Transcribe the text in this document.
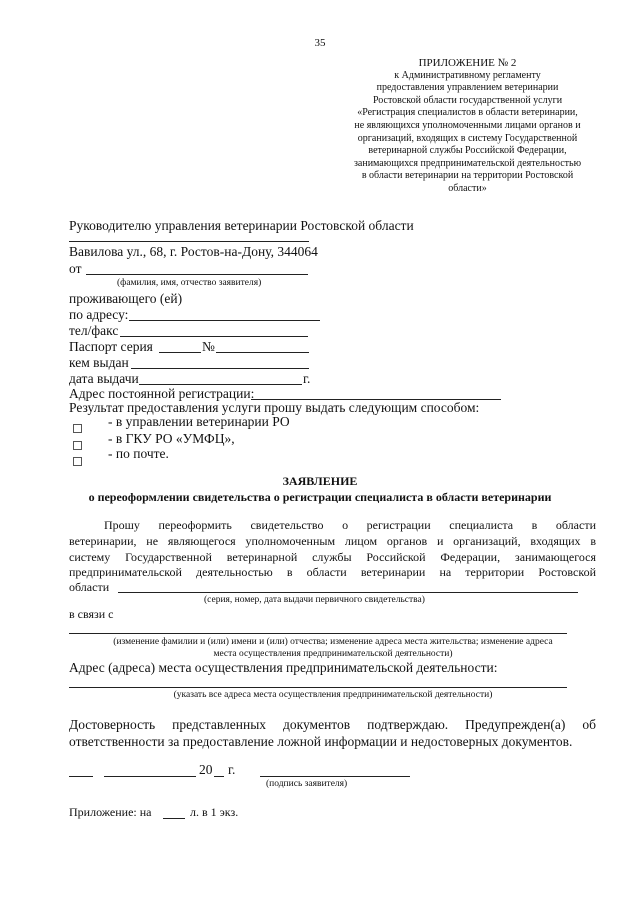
35
ПРИЛОЖЕНИЕ № 2
к Административному регламенту
предоставления управлением ветеринарии
Ростовской области государственной услуги
«Регистрация специалистов в области ветеринарии,
не являющихся уполномоченными лицами органов и
организаций, входящих в систему Государственной
ветеринарной службы Российской Федерации,
занимающихся предпринимательской деятельностью
в области ветеринарии на территории Ростовской
области»
Руководителю управления ветеринарии Ростовской области
Вавилова ул., 68, г. Ростов-на-Дону, 344064
от
(фамилия, имя, отчество заявителя)
проживающего (ей)
по адресу:
тел/факс
Паспорт серия	№
кем выдан
дата выдачи	г.
Адрес постоянной регистрации:
Результат предоставления услуги прошу выдать следующим способом:
- в управлении ветеринарии РО
- в ГКУ РО «УМФЦ»,
- по почте.
ЗАЯВЛЕНИЕ
о переоформлении свидетельства о регистрации специалиста в области ветеринарии
Прошу переоформить свидетельство о регистрации специалиста в области
ветеринарии, не являющегося уполномоченным лицом органов и организаций, входящих в
систему Государственной ветеринарной службы Российской Федерации, занимающегося
предпринимательской деятельностью в области ветеринарии на территории Ростовской
области
(серия, номер, дата выдачи первичного свидетельства)
в связи с
(изменение фамилии и (или) имени и (или) отчества; изменение адреса места жительства; изменение адреса
места осуществления предпринимательской деятельности)
Адрес (адреса) места осуществления предпринимательской деятельности:
(указать все адреса места осуществления предпринимательской деятельности)
Достоверность представленных документов подтверждаю. Предупрежден(а) об
ответственности за предоставление ложной информации и недостоверных документов.
20 г.
(подпись заявителя)
Приложение: на	л. в 1 экз.
